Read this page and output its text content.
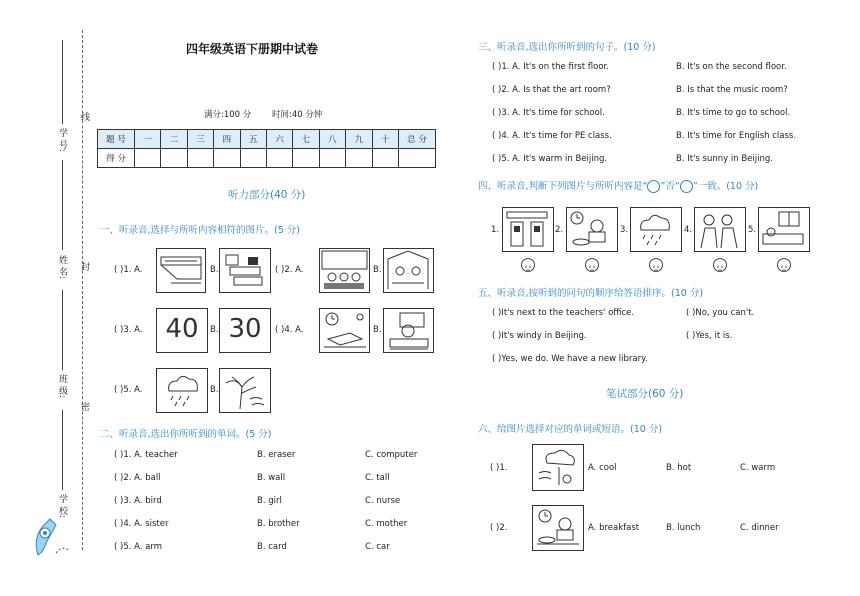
线
封
密
学 号:
姓 名:
班 级:
学 校:
四年级英语下册期中试卷
满分:100 分 时间:40 分钟
题 号	一	二	三	四	五	六	七	八	九	十	总 分
得 分											
听力部分(40 分)
一、听录音,选择与所听内容相符的图片。(5 分)
( )1. A.	B.	( )2. A.	B.
( )3. A. 40	B. 30	( )4. A.	B.
( )5. A.	B.
二、听录音,选出你所听到的单词。(5 分)
( )1. A. teacher	B. eraser	C. computer
( )2. A. ball	B. wall	C. tall
( )3. A. bird	B. girl	C. nurse
( )4. A. sister	B. brother	C. mother
( )5. A. arm	B. card	C. car
三、听录音,选出你所听到的句子。(10 分)
( )1. A. It's on the first floor.	B. It's on the second floor.
( )2. A. Is that the art room?	B. Is that the music room?
( )3. A. It's time for school.	B. It's time to go to school.
( )4. A. It's time for PE class.	B. It's time for English class.
( )5. A. It's warm in Beijing.	B. It's sunny in Beijing.
四、听录音,判断下列图片与所听内容是“ ”否“ ”一致。(10 分)
1.	2.	3.	4.	5.
五、听录音,按听到的问句的顺序给答语排序。(10 分)
( )It's next to the teachers' office.	( )No, you can't.
( )It's windy in Beijing.	( )Yes, it is.
( )Yes, we do. We have a new library.
笔试部分(60 分)
六、给图片选择对应的单词或短语。(10 分)
( )1.	A. cool	B. hot	C. warm
( )2.	A. breakfast	B. lunch	C. dinner
